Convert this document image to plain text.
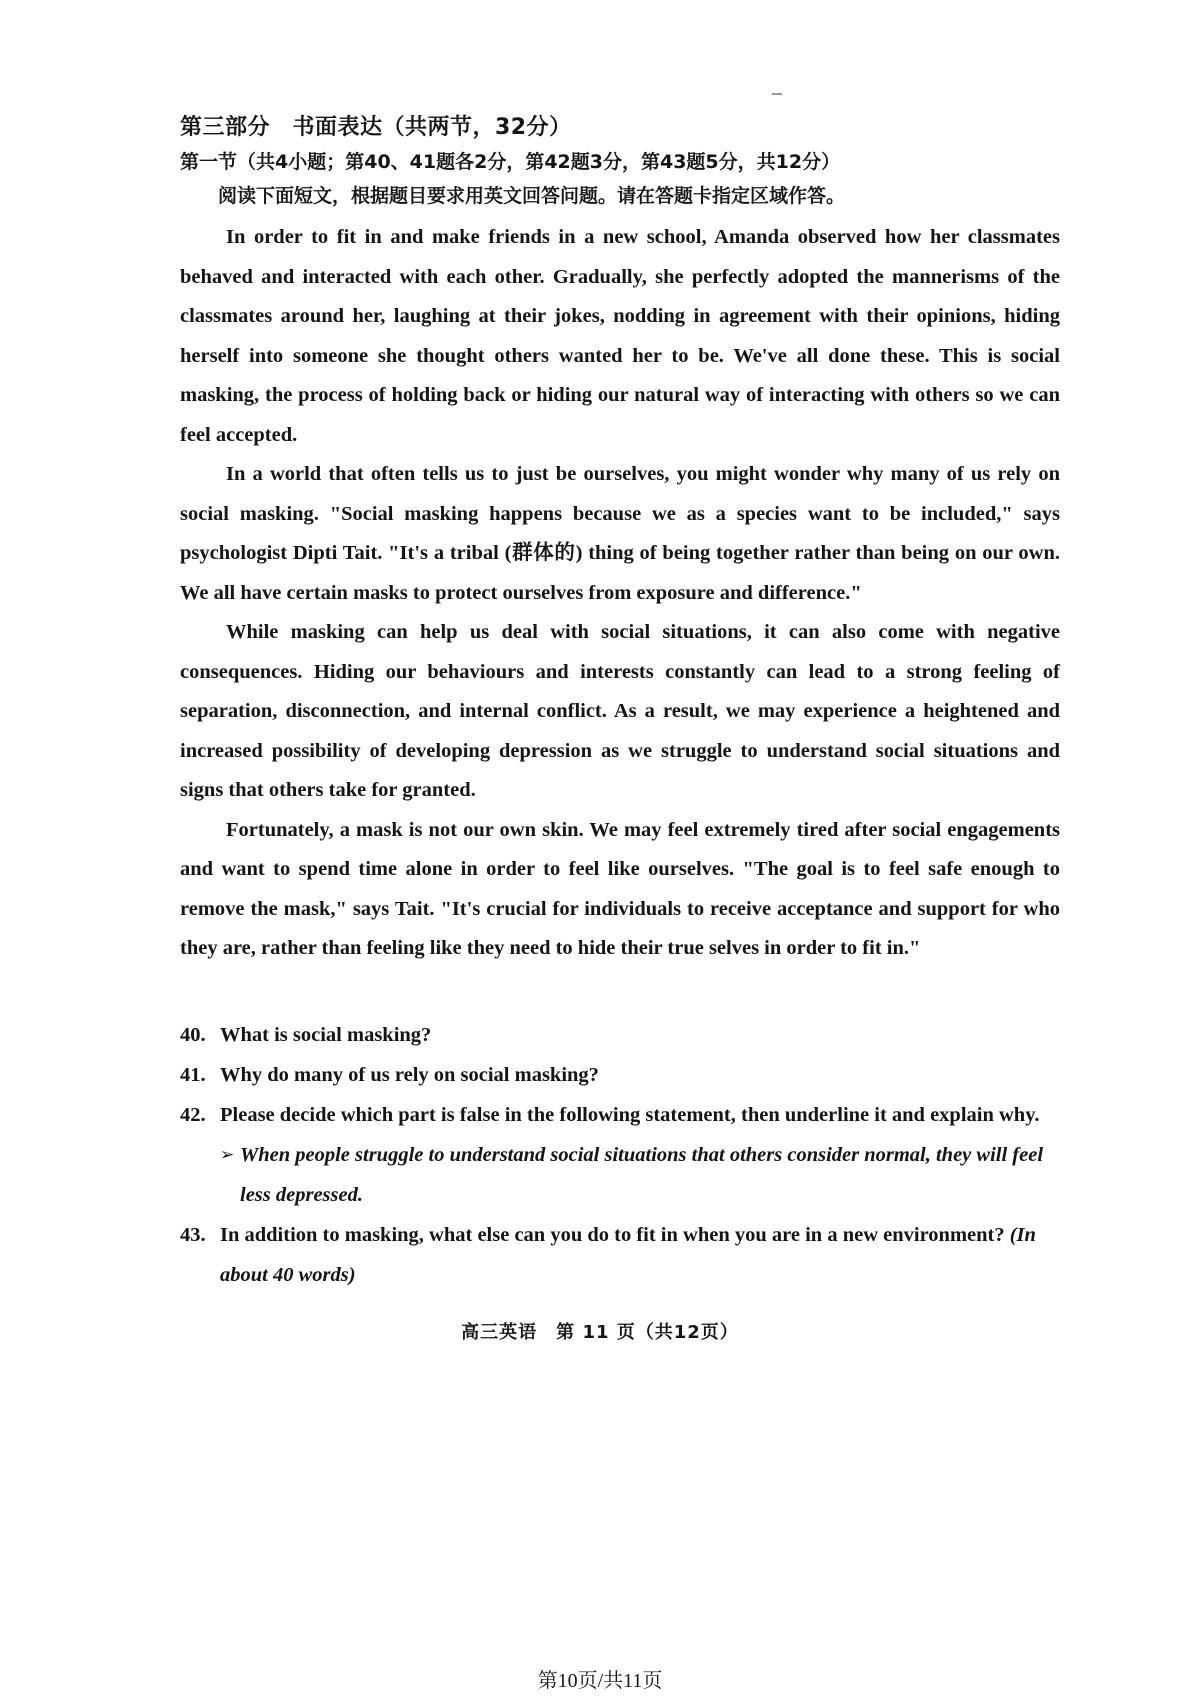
第三部分　书面表达（共两节，32分）

第一节（共4小题；第40、41题各2分，第42题3分，第43题5分，共12分）

阅读下面短文，根据题目要求用英文回答问题。请在答题卡指定区域作答。

In order to fit in and make friends in a new school, Amanda observed how her classmates behaved and interacted with each other. Gradually, she perfectly adopted the mannerisms of the classmates around her, laughing at their jokes, nodding in agreement with their opinions, hiding herself into someone she thought others wanted her to be. We've all done these. This is social masking, the process of holding back or hiding our natural way of interacting with others so we can feel accepted.

In a world that often tells us to just be ourselves, you might wonder why many of us rely on social masking. "Social masking happens because we as a species want to be included," says psychologist Dipti Tait. "It's a tribal (群体的) thing of being together rather than being on our own. We all have certain masks to protect ourselves from exposure and difference."

While masking can help us deal with social situations, it can also come with negative consequences. Hiding our behaviours and interests constantly can lead to a strong feeling of separation, disconnection, and internal conflict. As a result, we may experience a heightened and increased possibility of developing depression as we struggle to understand social situations and signs that others take for granted.

Fortunately, a mask is not our own skin. We may feel extremely tired after social engagements and want to spend time alone in order to feel like ourselves. "The goal is to feel safe enough to remove the mask," says Tait. "It's crucial for individuals to receive acceptance and support for who they are, rather than feeling like they need to hide their true selves in order to fit in."

40. What is social masking?
41. Why do many of us rely on social masking?
42. Please decide which part is false in the following statement, then underline it and explain why.
➢ When people struggle to understand social situations that others consider normal, they will feel less depressed.
43. In addition to masking, what else can you do to fit in when you are in a new environment? (In about 40 words)
高三英语　第 11 页（共12页）
第10页/共11页
